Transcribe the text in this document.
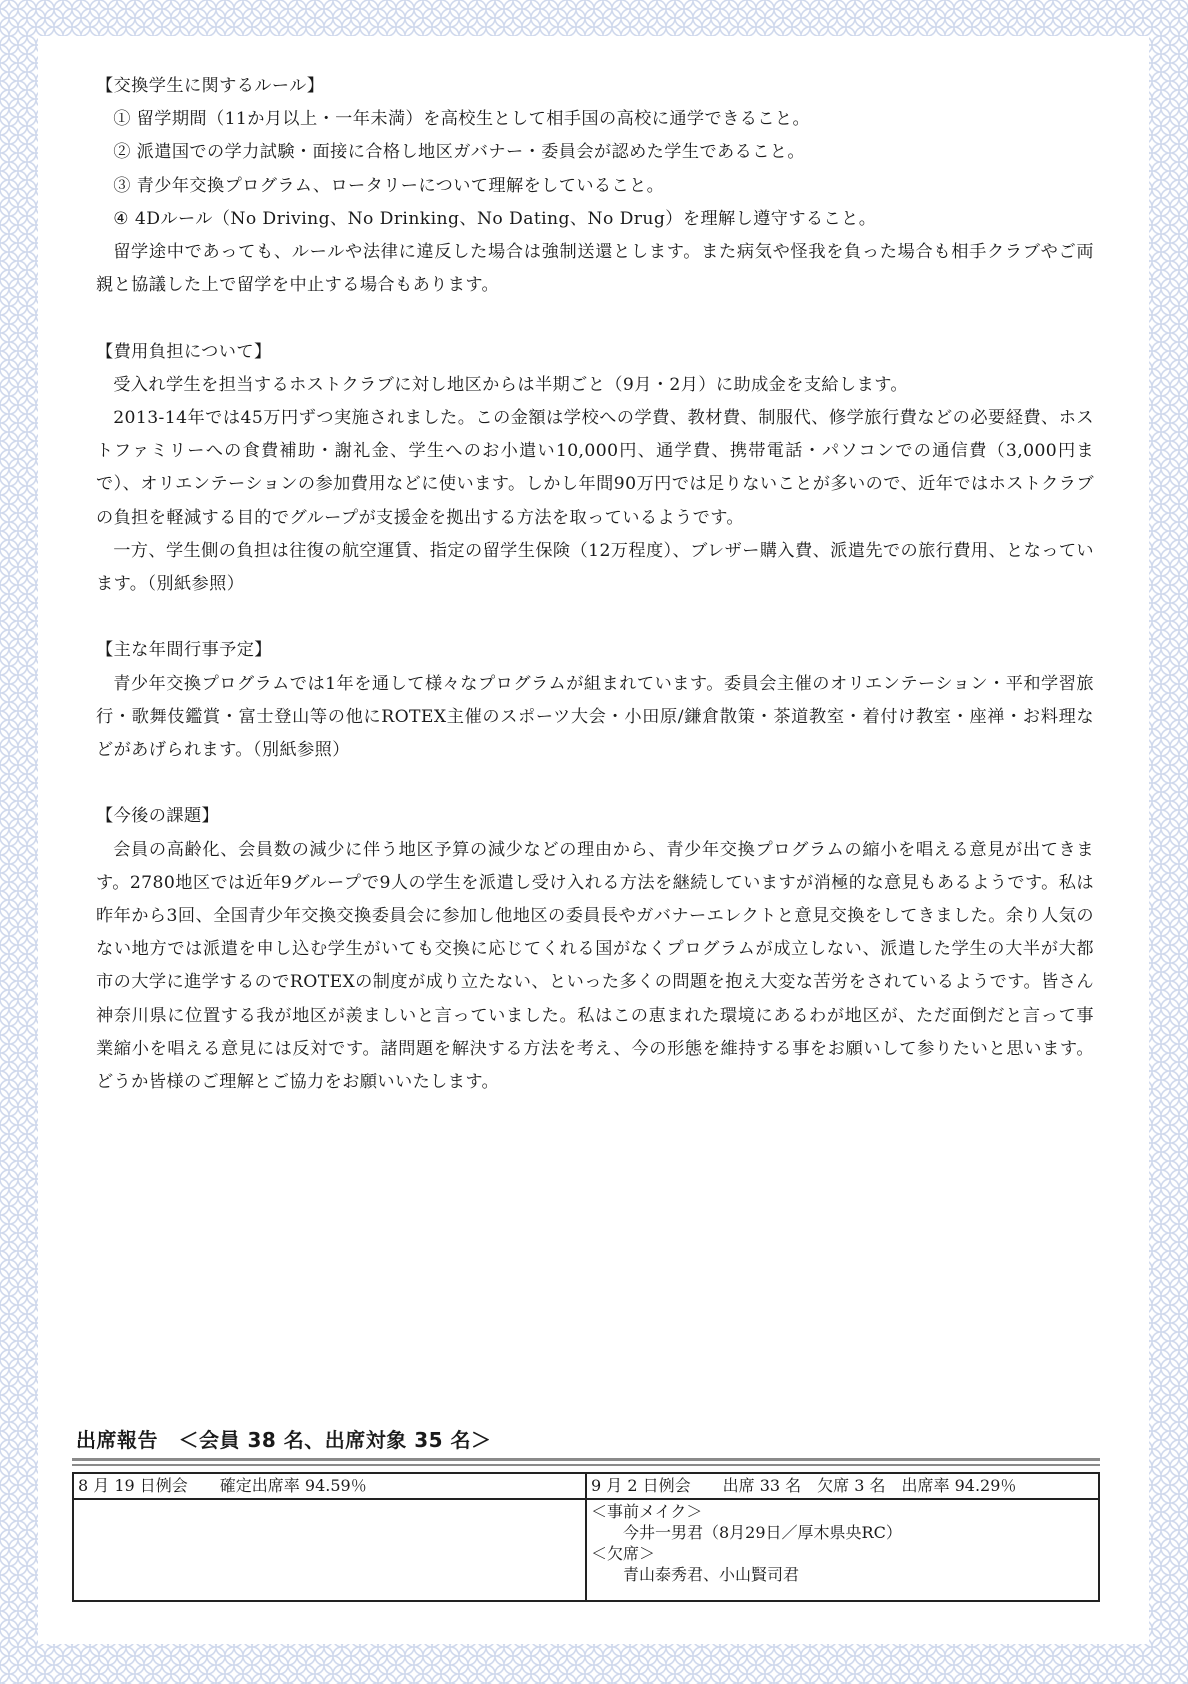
【交換学生に関するルール】

① 留学期間（11か月以上・一年未満）を高校生として相手国の高校に通学できること。

② 派遣国での学力試験・面接に合格し地区ガバナー・委員会が認めた学生であること。

③ 青少年交換プログラム、ロータリーについて理解をしていること。

④ 4Dルール（No Driving、No Drinking、No Dating、No Drug）を理解し遵守すること。

留学途中であっても、ルールや法律に違反した場合は強制送還とします。また病気や怪我を負った場合も相手クラブやご両親と協議した上で留学を中止する場合もあります。

【費用負担について】

受入れ学生を担当するホストクラブに対し地区からは半期ごと（9月・2月）に助成金を支給します。

2013-14年では45万円ずつ実施されました。この金額は学校への学費、教材費、制服代、修学旅行費などの必要経費、ホストファミリーへの食費補助・謝礼金、学生へのお小遣い10,000円、通学費、携帯電話・パソコンでの通信費（3,000円まで）、オリエンテーションの参加費用などに使います。しかし年間90万円では足りないことが多いので、近年ではホストクラブの負担を軽減する目的でグループが支援金を拠出する方法を取っているようです。

一方、学生側の負担は往復の航空運賃、指定の留学生保険（12万程度）、ブレザー購入費、派遣先での旅行費用、となっています。（別紙参照）

【主な年間行事予定】

青少年交換プログラムでは1年を通して様々なプログラムが組まれています。委員会主催のオリエンテーション・平和学習旅行・歌舞伎鑑賞・富士登山等の他にROTEX主催のスポーツ大会・小田原/鎌倉散策・茶道教室・着付け教室・座禅・お料理などがあげられます。（別紙参照）

【今後の課題】

会員の高齢化、会員数の減少に伴う地区予算の減少などの理由から、青少年交換プログラムの縮小を唱える意見が出てきます。2780地区では近年9グループで9人の学生を派遣し受け入れる方法を継続していますが消極的な意見もあるようです。私は昨年から3回、全国青少年交換交換委員会に参加し他地区の委員長やガバナーエレクトと意見交換をしてきました。余り人気のない地方では派遣を申し込む学生がいても交換に応じてくれる国がなくプログラムが成立しない、派遣した学生の大半が大都市の大学に進学するのでROTEXの制度が成り立たない、といった多くの問題を抱え大変な苦労をされているようです。皆さん神奈川県に位置する我が地区が羨ましいと言っていました。私はこの恵まれた環境にあるわが地区が、ただ面倒だと言って事業縮小を唱える意見には反対です。諸問題を解決する方法を考え、今の形態を維持する事をお願いして参りたいと思います。どうか皆様のご理解とご協力をお願いいたします。

出席報告　＜会員 38 名、出席対象 35 名＞
8 月 19 日例会　　確定出席率 94.59％	9 月 2 日例会　　出席 33 名　欠席 3 名　出席率 94.29％

	＜事前メイク＞
今井一男君（8月29日／厚木県央RC）
＜欠席＞
青山泰秀君、小山賢司君
